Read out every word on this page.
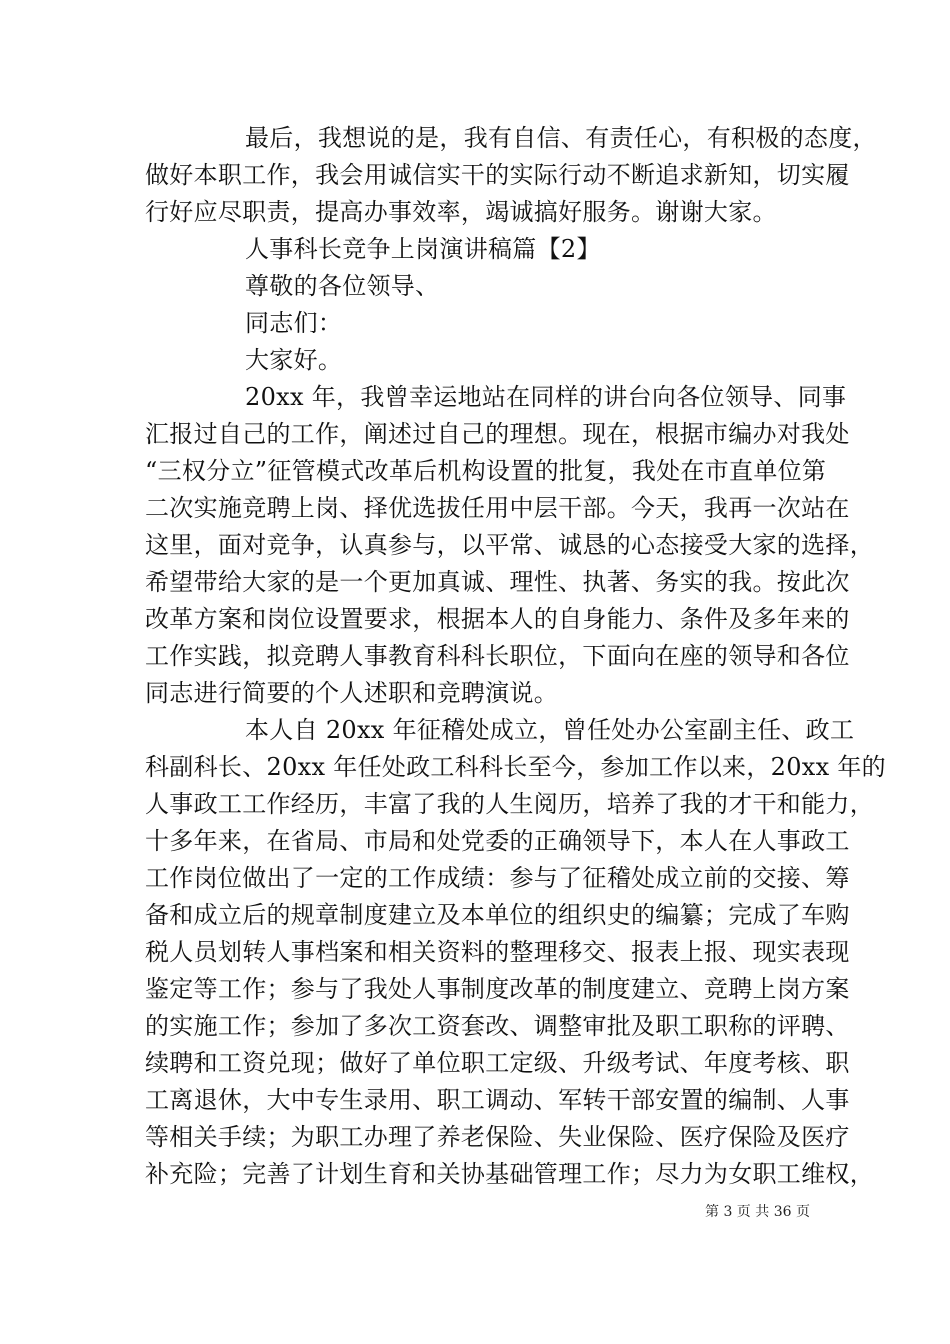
最后，我想说的是，我有自信、有责任心，有积极的态度，
做好本职工作，我会用诚信实干的实际行动不断追求新知，切实履
行好应尽职责，提高办事效率，竭诚搞好服务。谢谢大家。
人事科长竞争上岗演讲稿篇【2】
尊敬的各位领导、
同志们：
大家好。
20xx 年，我曾幸运地站在同样的讲台向各位领导、同事
汇报过自己的工作，阐述过自己的理想。现在，根据市编办对我处
“三权分立”征管模式改革后机构设置的批复，我处在市直单位第
二次实施竞聘上岗、择优选拔任用中层干部。今天，我再一次站在
这里，面对竞争，认真参与，以平常、诚恳的心态接受大家的选择，
希望带给大家的是一个更加真诚、理性、执著、务实的我。按此次
改革方案和岗位设置要求，根据本人的自身能力、条件及多年来的
工作实践，拟竞聘人事教育科科长职位，下面向在座的领导和各位
同志进行简要的个人述职和竞聘演说。
本人自 20xx 年征稽处成立，曾任处办公室副主任、政工
科副科长、20xx 年任处政工科科长至今，参加工作以来，20xx 年的
人事政工工作经历，丰富了我的人生阅历，培养了我的才干和能力，
十多年来，在省局、市局和处党委的正确领导下，本人在人事政工
工作岗位做出了一定的工作成绩：参与了征稽处成立前的交接、筹
备和成立后的规章制度建立及本单位的组织史的编纂；完成了车购
税人员划转人事档案和相关资料的整理移交、报表上报、现实表现
鉴定等工作；参与了我处人事制度改革的制度建立、竞聘上岗方案
的实施工作；参加了多次工资套改、调整审批及职工职称的评聘、
续聘和工资兑现；做好了单位职工定级、升级考试、年度考核、职
工离退休，大中专生录用、职工调动、军转干部安置的编制、人事
等相关手续；为职工办理了养老保险、失业保险、医疗保险及医疗
补充险；完善了计划生育和关协基础管理工作；尽力为女职工维权，
第 3 页 共 36 页
